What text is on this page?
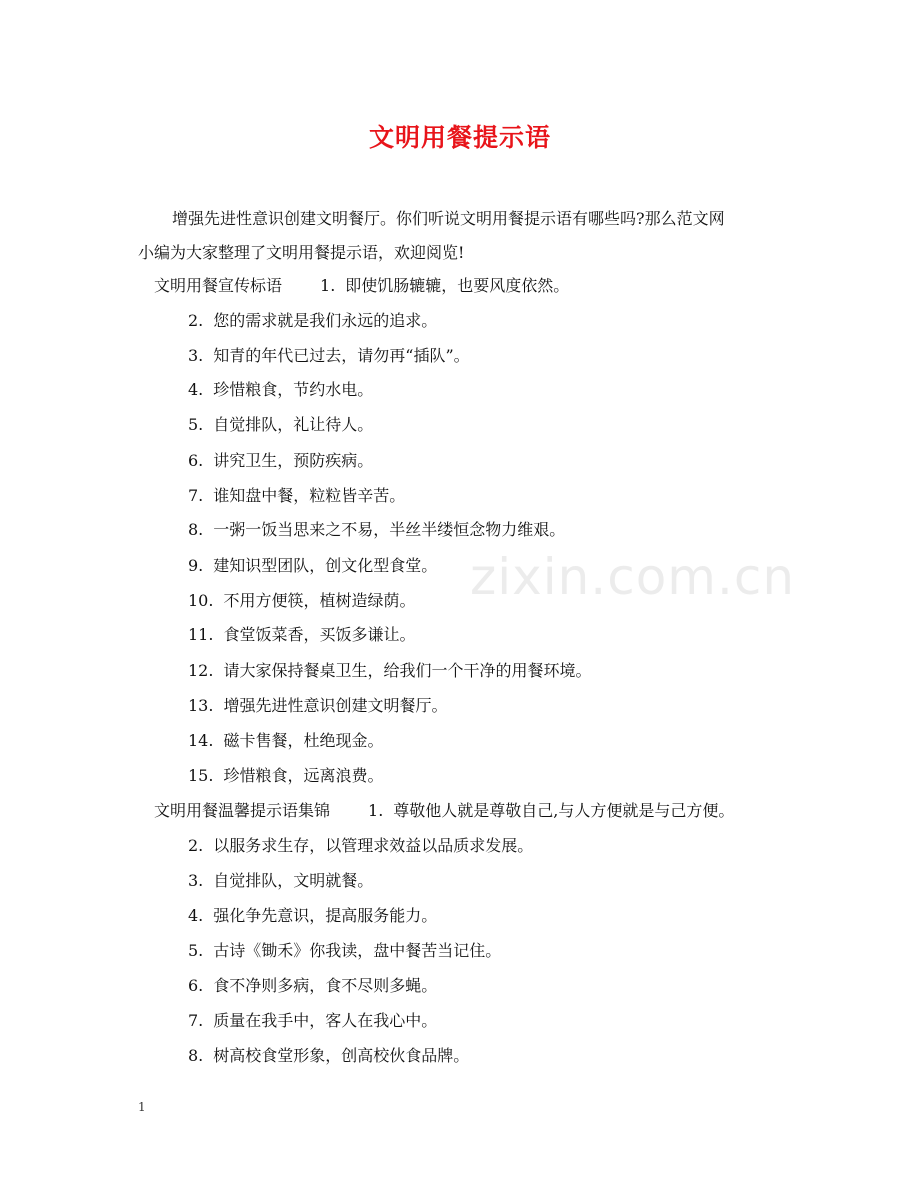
文明用餐提示语
增强先进性意识创建文明餐厅。你们听说文明用餐提示语有哪些吗?那么范文网
小编为大家整理了文明用餐提示语，欢迎阅览!
文明用餐宣传标语 1. 即使饥肠辘辘，也要风度依然。
2. 您的需求就是我们永远的追求。
3. 知青的年代已过去，请勿再“插队”。
4. 珍惜粮食，节约水电。
5. 自觉排队，礼让待人。
6. 讲究卫生，预防疾病。
7. 谁知盘中餐，粒粒皆辛苦。
8. 一粥一饭当思来之不易，半丝半缕恒念物力维艰。
9. 建知识型团队，创文化型食堂。
10. 不用方便筷，植树造绿荫。
11. 食堂饭菜香，买饭多谦让。
12. 请大家保持餐桌卫生，给我们一个干净的用餐环境。
13. 增强先进性意识创建文明餐厅。
14. 磁卡售餐，杜绝现金。
15. 珍惜粮食，远离浪费。
文明用餐温馨提示语集锦 1. 尊敬他人就是尊敬自己,与人方便就是与己方便。
2. 以服务求生存，以管理求效益以品质求发展。
3. 自觉排队，文明就餐。
4. 强化争先意识，提高服务能力。
5. 古诗《锄禾》你我读，盘中餐苦当记住。
6. 食不净则多病，食不尽则多蝇。
7. 质量在我手中，客人在我心中。
8. 树高校食堂形象，创高校伙食品牌。
zixin.com.cn
1
